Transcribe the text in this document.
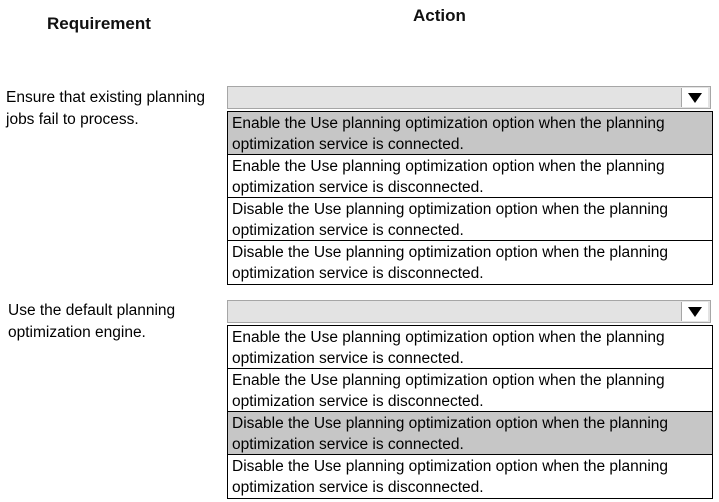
Requirement	Action
Ensure that existing planning jobs fail to process.	Enable the Use planning optimization option when the planning optimization service is connected.
Enable the Use planning optimization option when the planning optimization service is disconnected.
Disable the Use planning optimization option when the planning optimization service is connected.
Disable the Use planning optimization option when the planning optimization service is disconnected.
Use the default planning optimization engine.	Enable the Use planning optimization option when the planning optimization service is connected.
Enable the Use planning optimization option when the planning optimization service is disconnected.
Disable the Use planning optimization option when the planning optimization service is connected.
Disable the Use planning optimization option when the planning optimization service is disconnected.
